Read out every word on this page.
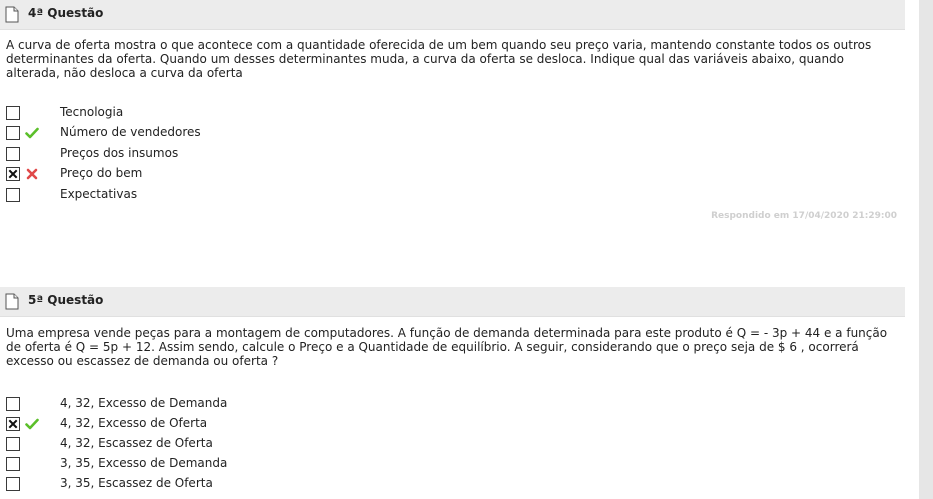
4ª Questão
A curva de oferta mostra o que acontece com a quantidade oferecida de um bem quando seu preço varia, mantendo constante todos os outros determinantes da oferta. Quando um desses determinantes muda, a curva da oferta se desloca. Indique qual das variáveis abaixo, quando alterada, não desloca a curva da oferta
Tecnologia
Número de vendedores
Preços dos insumos
Preço do bem
Expectativas
Respondido em 17/04/2020 21:29:00
5ª Questão
Uma empresa vende peças para a montagem de computadores. A função de demanda determinada para este produto é Q = - 3p + 44 e a função de oferta é Q = 5p + 12. Assim sendo, calcule o Preço e a Quantidade de equilíbrio. A seguir, considerando que o preço seja de $ 6 , ocorrerá excesso ou escassez de demanda ou oferta ?
4, 32, Excesso de Demanda
4, 32, Excesso de Oferta
4, 32, Escassez de Oferta
3, 35, Excesso de Demanda
3, 35, Escassez de Oferta
